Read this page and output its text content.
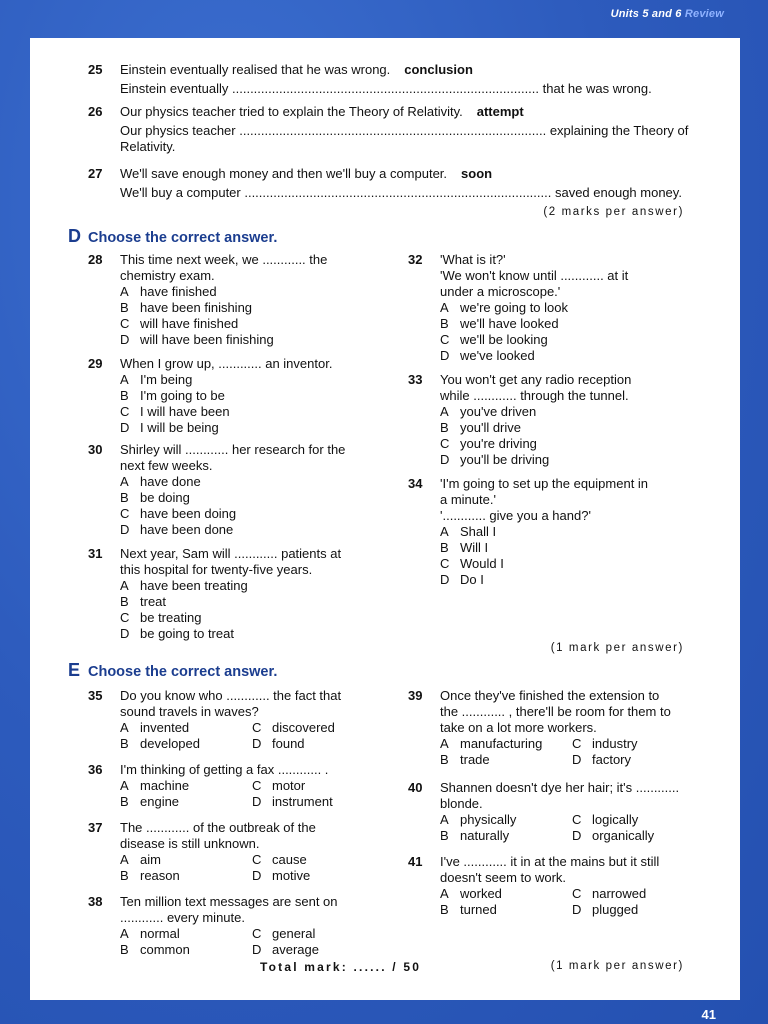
Units 5 and 6 Review
25	Einstein eventually realised that he was wrong. conclusion
Einstein eventually ..................................................................................... that he was wrong.
26	Our physics teacher tried to explain the Theory of Relativity. attempt
Our physics teacher ..................................................................................... explaining the Theory of
Relativity.
27	We'll save enough money and then we'll buy a computer. soon
We'll buy a computer ..................................................................................... saved enough money.
(2 marks per answer)
D Choose the correct answer.
28	This time next week, we ............ the
chemistry exam.
A have finished
B have been finishing
C will have finished
D will have been finishing
29	When I grow up, ............ an inventor.
A I'm being
B I'm going to be
C I will have been
D I will be being
30	Shirley will ............ her research for the
next few weeks.
A have done
B be doing
C have been doing
D have been done
31	Next year, Sam will ............ patients at
this hospital for twenty-five years.
A have been treating
B treat
C be treating
D be going to treat
32	'What is it?'
'We won't know until ............ at it
under a microscope.'
A we're going to look
B we'll have looked
C we'll be looking
D we've looked
33	You won't get any radio reception
while ............ through the tunnel.
A you've driven
B you'll drive
C you're driving
D you'll be driving
34	'I'm going to set up the equipment in
a minute.'
'............ give you a hand?'
A Shall I
B Will I
C Would I
D Do I
(1 mark per answer)
E Choose the correct answer.
35	Do you know who ............ the fact that
sound travels in waves?
A invented	C discovered
B developed	D found
36	I'm thinking of getting a fax ............ .
A machine	C motor
B engine	D instrument
37	The ............ of the outbreak of the
disease is still unknown.
A aim	C cause
B reason	D motive
38	Ten million text messages are sent on
............ every minute.
A normal	C general
B common	D average
39	Once they've finished the extension to
the ............ , there'll be room for them to
take on a lot more workers.
A manufacturing	C industry
B trade	D factory
40	Shannen doesn't dye her hair; it's ............
blonde.
A physically	C logically
B naturally	D organically
41	I've ............ it in at the mains but it still
doesn't seem to work.
A worked	C narrowed
B turned	D plugged
(1 mark per answer)
Total mark: ...... / 50
41
